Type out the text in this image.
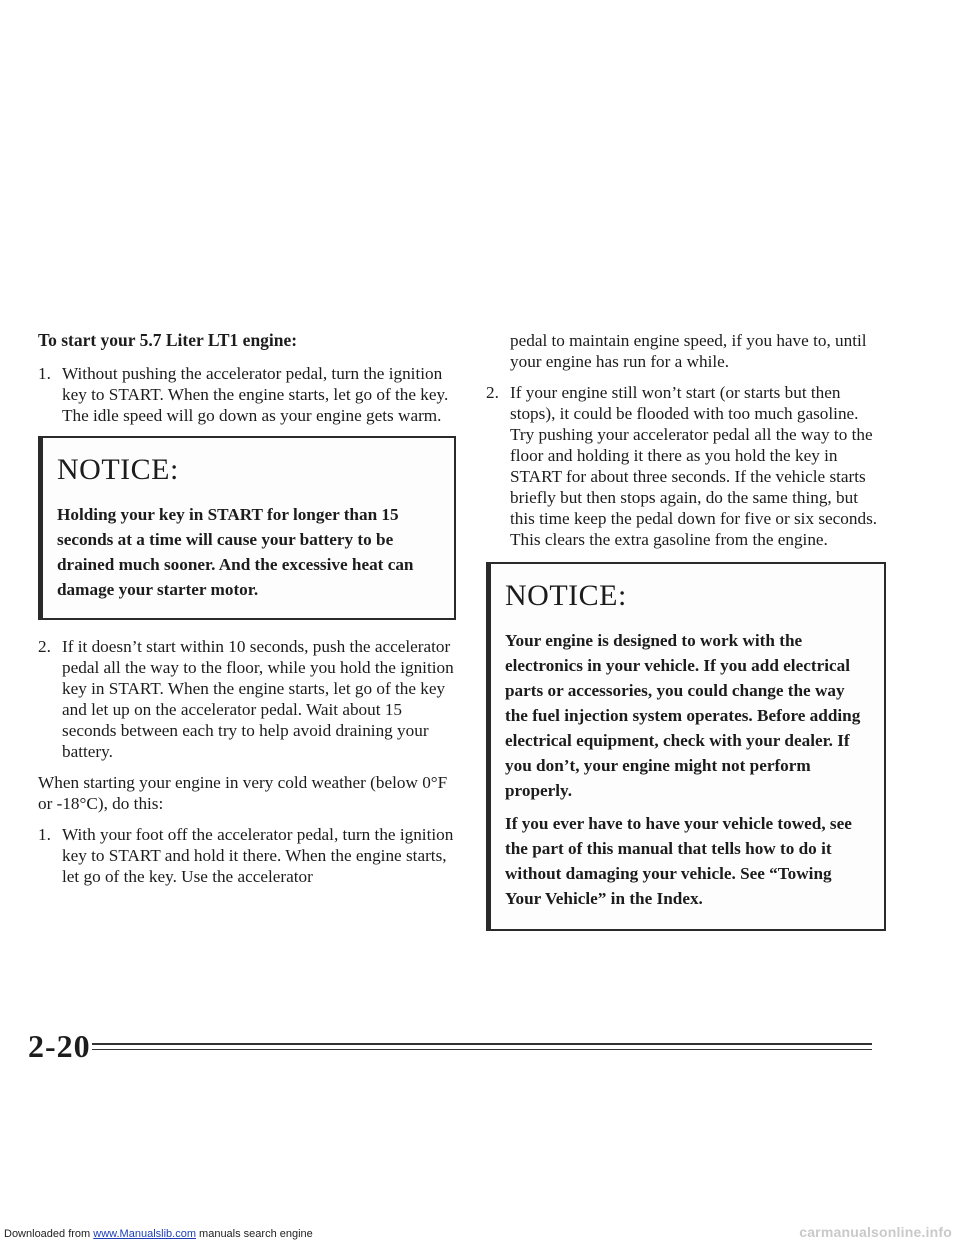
To start your 5.7 Liter LT1 engine:
1. Without pushing the accelerator pedal, turn the ignition key to START. When the engine starts, let go of the key. The idle speed will go down as your engine gets warm.
NOTICE:
Holding your key in START for longer than 15 seconds at a time will cause your battery to be drained much sooner. And the excessive heat can damage your starter motor.
2. If it doesn’t start within 10 seconds, push the accelerator pedal all the way to the floor, while you hold the ignition key in START. When the engine starts, let go of the key and let up on the accelerator pedal. Wait about 15 seconds between each try to help avoid draining your battery.
When starting your engine in very cold weather (below 0°F or -18°C), do this:
1. With your foot off the accelerator pedal, turn the ignition key to START and hold it there. When the engine starts, let go of the key. Use the accelerator
pedal to maintain engine speed, if you have to, until your engine has run for a while.
2. If your engine still won’t start (or starts but then stops), it could be flooded with too much gasoline. Try pushing your accelerator pedal all the way to the floor and holding it there as you hold the key in START for about three seconds. If the vehicle starts briefly but then stops again, do the same thing, but this time keep the pedal down for five or six seconds. This clears the extra gasoline from the engine.
NOTICE:
Your engine is designed to work with the electronics in your vehicle. If you add electrical parts or accessories, you could change the way the fuel injection system operates. Before adding electrical equipment, check with your dealer. If you don’t, your engine might not perform properly.
If you ever have to have your vehicle towed, see the part of this manual that tells how to do it without damaging your vehicle. See “Towing Your Vehicle” in the Index.
2-20
Downloaded from www.Manualslib.com manuals search engine	carmanualsonline.info
